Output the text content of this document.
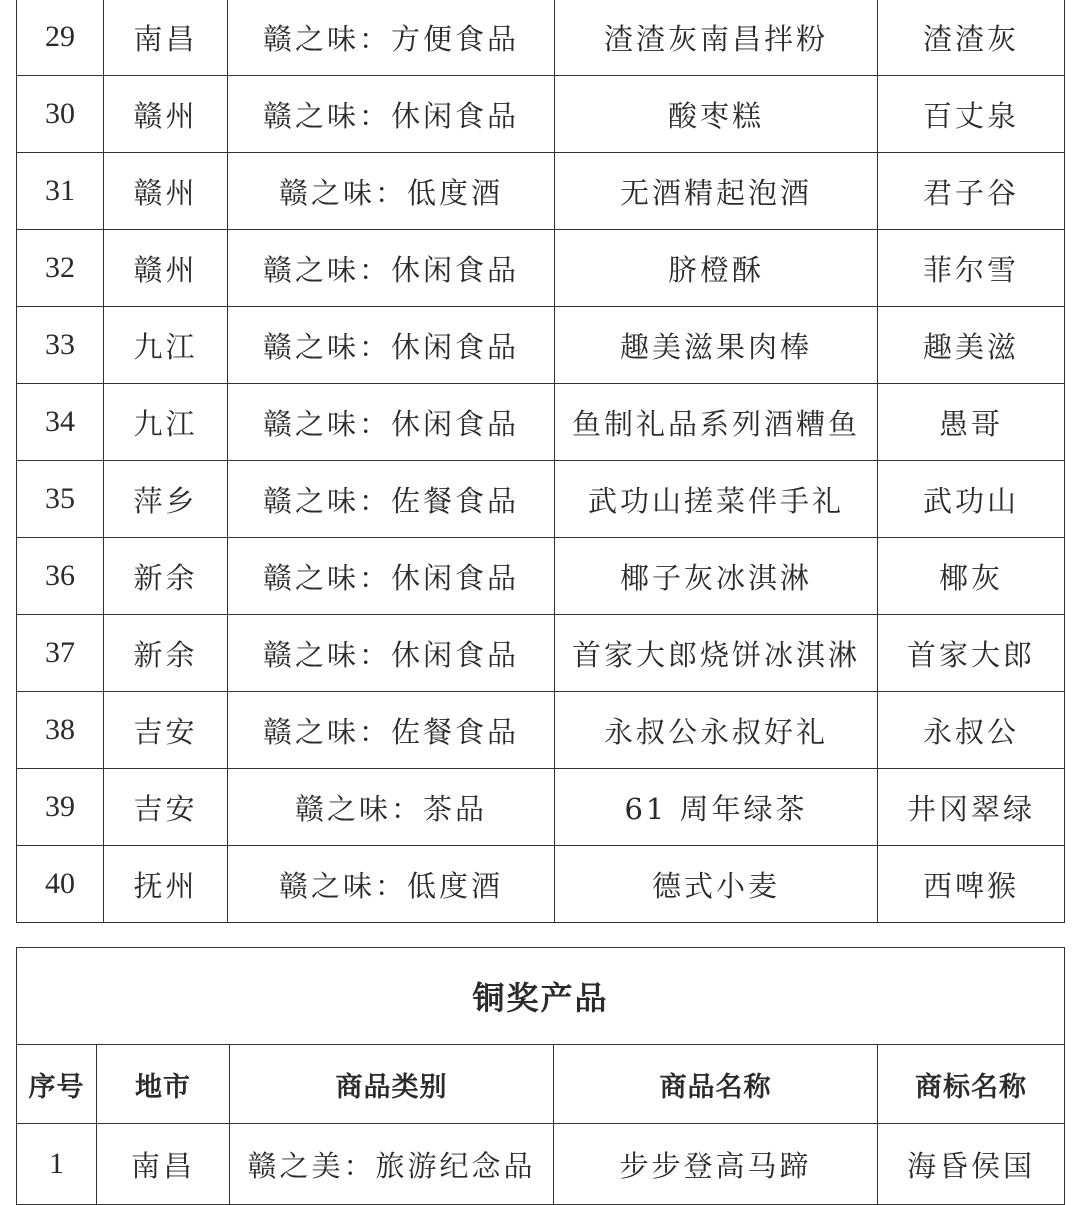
29	南昌	赣之味：方便食品	渣渣灰南昌拌粉	渣渣灰
30	赣州	赣之味：休闲食品	酸枣糕	百丈泉
31	赣州	赣之味：低度酒	无酒精起泡酒	君子谷
32	赣州	赣之味：休闲食品	脐橙酥	菲尔雪
33	九江	赣之味：休闲食品	趣美滋果肉棒	趣美滋
34	九江	赣之味：休闲食品	鱼制礼品系列酒糟鱼	愚哥
35	萍乡	赣之味：佐餐食品	武功山搓菜伴手礼	武功山
36	新余	赣之味：休闲食品	椰子灰冰淇淋	椰灰
37	新余	赣之味：休闲食品	首家大郎烧饼冰淇淋	首家大郎
38	吉安	赣之味：佐餐食品	永叔公永叔好礼	永叔公
39	吉安	赣之味：茶品	61 周年绿茶	井冈翠绿
40	抚州	赣之味：低度酒	德式小麦	西啤猴
铜奖产品				
序号	地市	商品类别	商品名称	商标名称
1	南昌	赣之美：旅游纪念品	步步登高马蹄	海昏侯国
